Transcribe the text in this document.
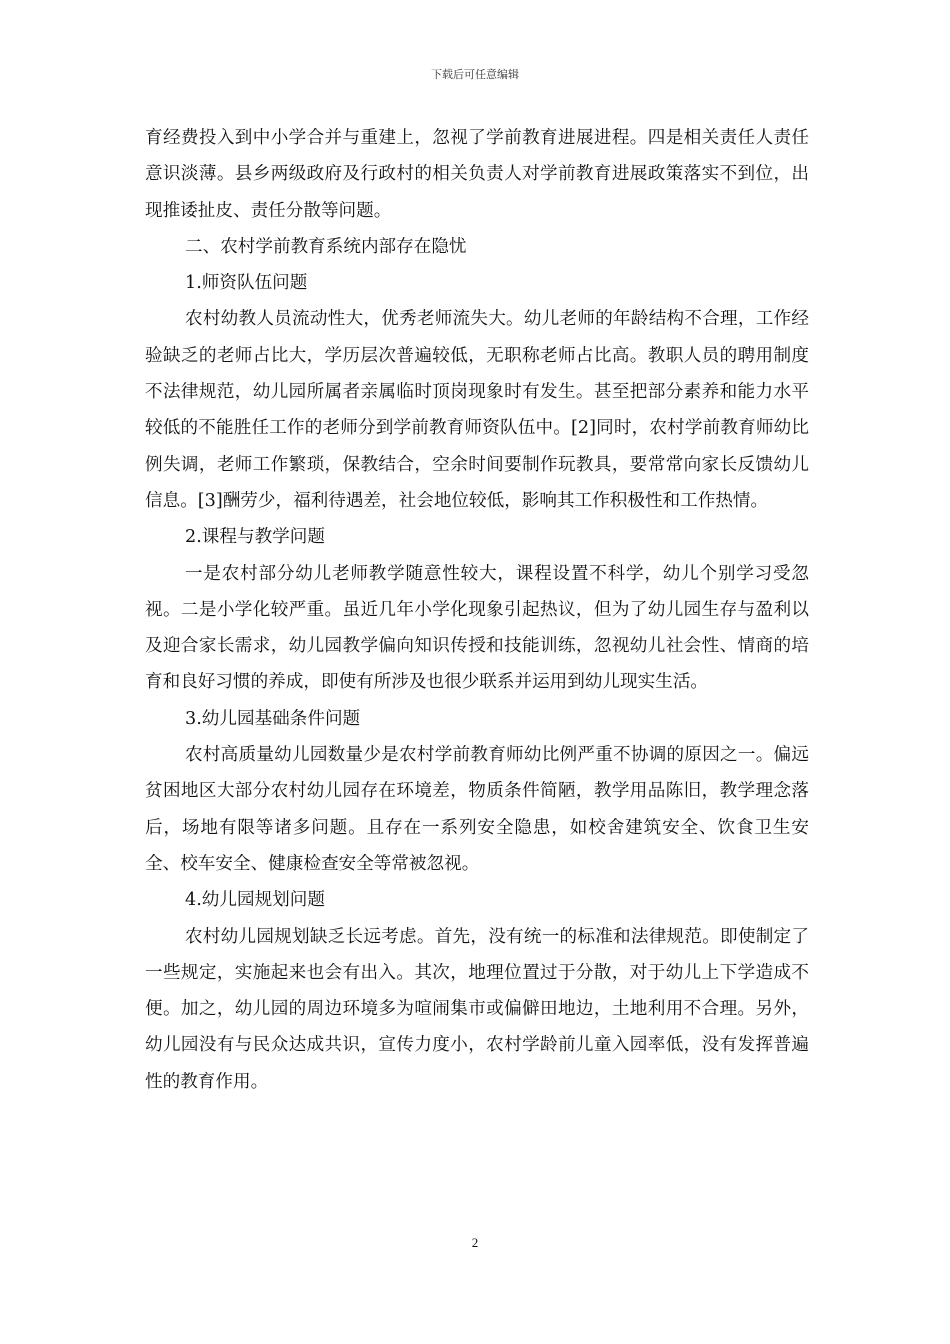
下载后可任意编辑

育经费投入到中小学合并与重建上，忽视了学前教育进展进程。四是相关责任人责任意识淡薄。县乡两级政府及行政村的相关负责人对学前教育进展政策落实不到位，出现推诿扯皮、责任分散等问题。

二、农村学前教育系统内部存在隐忧

1.师资队伍问题

农村幼教人员流动性大，优秀老师流失大。幼儿老师的年龄结构不合理，工作经验缺乏的老师占比大，学历层次普遍较低，无职称老师占比高。教职人员的聘用制度不法律规范，幼儿园所属者亲属临时顶岗现象时有发生。甚至把部分素养和能力水平较低的不能胜任工作的老师分到学前教育师资队伍中。[2]同时，农村学前教育师幼比例失调，老师工作繁琐，保教结合，空余时间要制作玩教具，要常常向家长反馈幼儿信息。[3]酬劳少，福利待遇差，社会地位较低，影响其工作积极性和工作热情。

2.课程与教学问题

一是农村部分幼儿老师教学随意性较大，课程设置不科学，幼儿个别学习受忽视。二是小学化较严重。虽近几年小学化现象引起热议，但为了幼儿园生存与盈利以及迎合家长需求，幼儿园教学偏向知识传授和技能训练，忽视幼儿社会性、情商的培育和良好习惯的养成，即使有所涉及也很少联系并运用到幼儿现实生活。

3.幼儿园基础条件问题

农村高质量幼儿园数量少是农村学前教育师幼比例严重不协调的原因之一。偏远贫困地区大部分农村幼儿园存在环境差，物质条件简陋，教学用品陈旧，教学理念落后，场地有限等诸多问题。且存在一系列安全隐患，如校舍建筑安全、饮食卫生安全、校车安全、健康检查安全等常被忽视。

4.幼儿园规划问题

农村幼儿园规划缺乏长远考虑。首先，没有统一的标准和法律规范。即使制定了一些规定，实施起来也会有出入。其次，地理位置过于分散，对于幼儿上下学造成不便。加之，幼儿园的周边环境多为喧闹集市或偏僻田地边，土地利用不合理。另外，幼儿园没有与民众达成共识，宣传力度小，农村学龄前儿童入园率低，没有发挥普遍性的教育作用。

2
